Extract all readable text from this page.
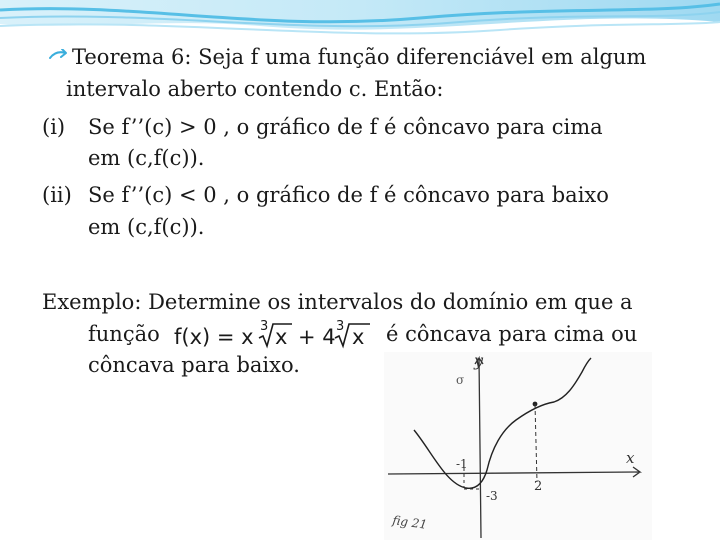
Teorema 6: Seja f uma função diferenciável em algum
intervalo aberto contendo c. Então:
(i) Se f’’(c) > 0 , o gráfico de f é côncavo para cima
em (c,f(c)).
(ii) Se f’’(c) < 0 , o gráfico de f é côncavo para baixo
em (c,f(c)).
Exemplo: Determine os intervalos do domínio em que a
função	é côncava para cima ou
côncava para baixo.
f(x) = x 3 x + 4 3 x
y
σ
x
-1
2
-3
fig 21
